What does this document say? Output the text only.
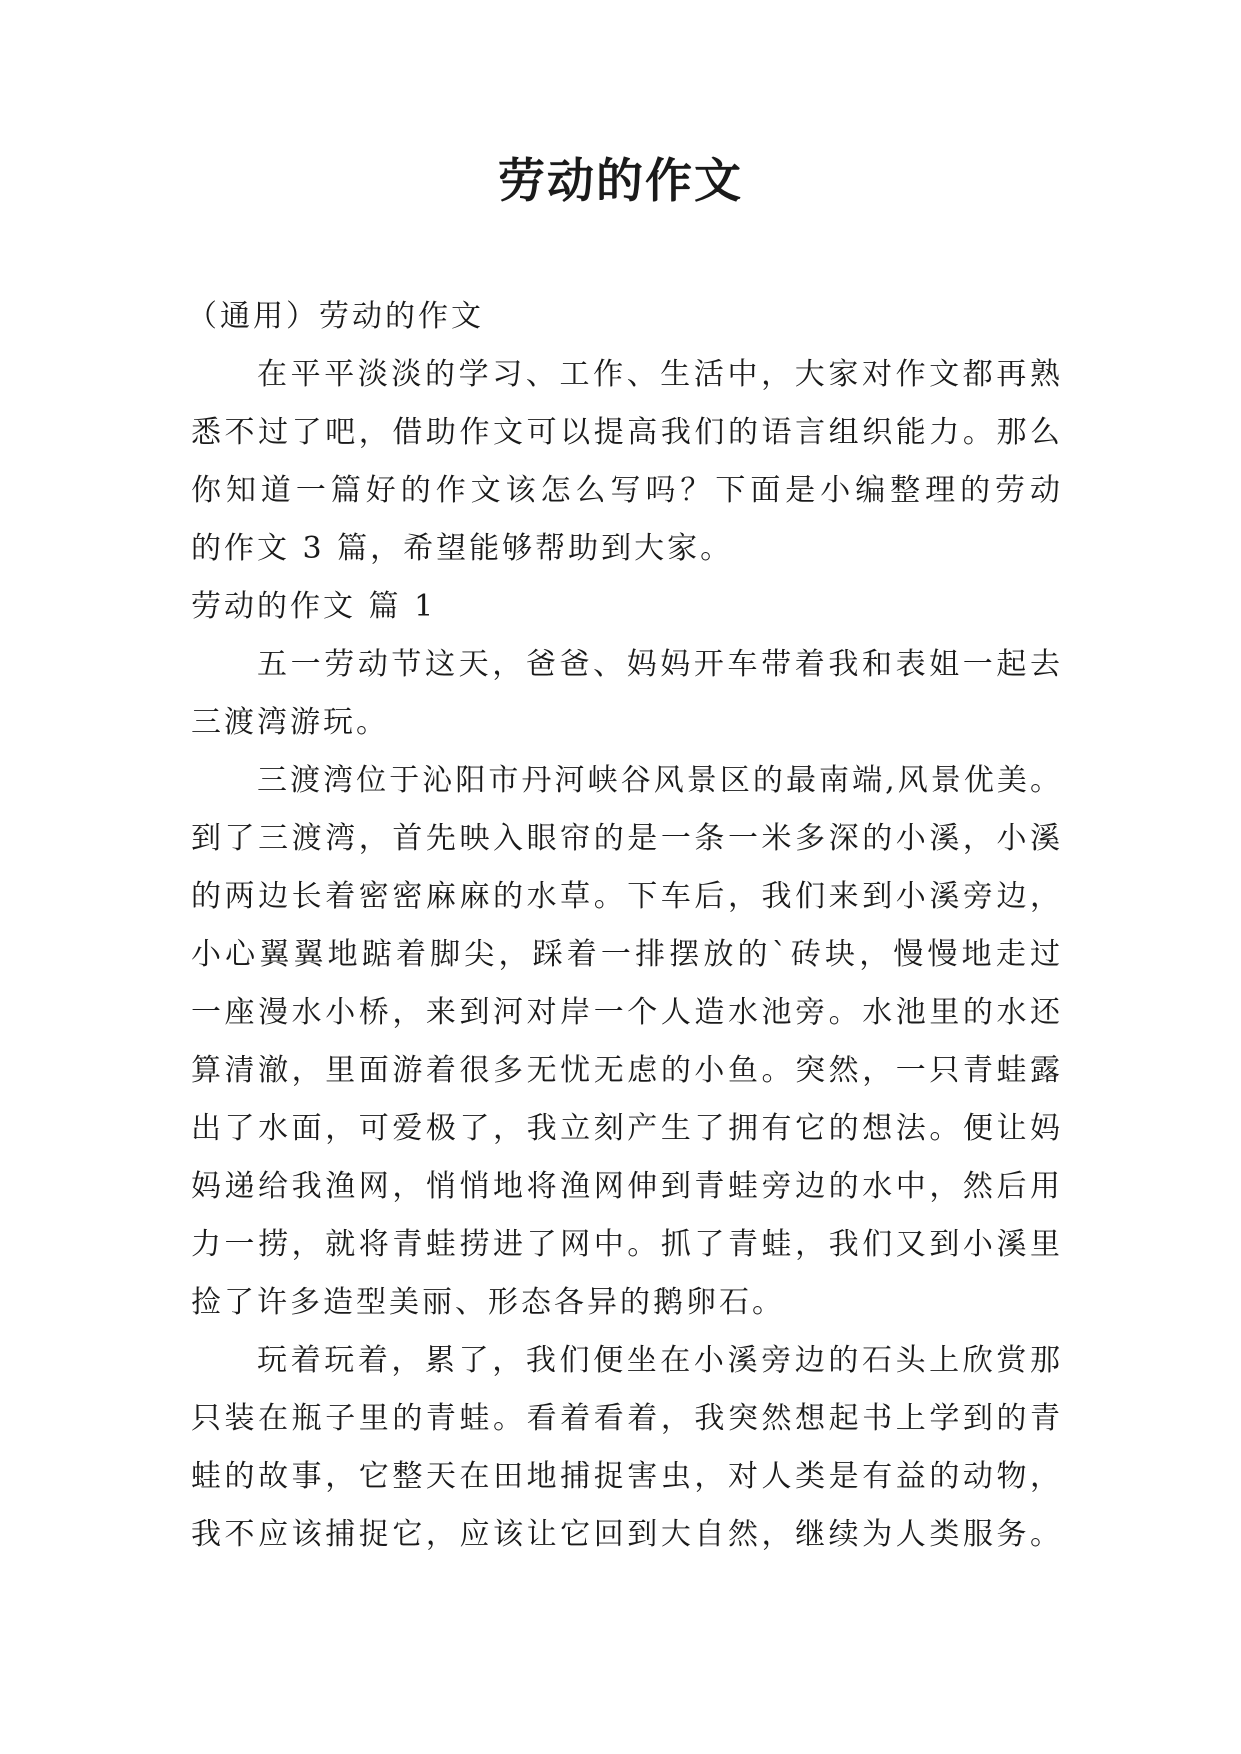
劳动的作文
（通用）劳动的作文
在平平淡淡的学习、工作、生活中，大家对作文都再熟
悉不过了吧，借助作文可以提高我们的语言组织能力。那么
你知道一篇好的作文该怎么写吗？下面是小编整理的劳动
的作文 3 篇，希望能够帮助到大家。
劳动的作文 篇 1
五一劳动节这天，爸爸、妈妈开车带着我和表姐一起去
三渡湾游玩。
三渡湾位于沁阳市丹河峡谷风景区的最南端,风景优美。
到了三渡湾，首先映入眼帘的是一条一米多深的小溪，小溪
的两边长着密密麻麻的水草。下车后，我们来到小溪旁边，
小心翼翼地踮着脚尖，踩着一排摆放的`砖块，慢慢地走过
一座漫水小桥，来到河对岸一个人造水池旁。水池里的水还
算清澈，里面游着很多无忧无虑的小鱼。突然，一只青蛙露
出了水面，可爱极了，我立刻产生了拥有它的想法。便让妈
妈递给我渔网，悄悄地将渔网伸到青蛙旁边的水中，然后用
力一捞，就将青蛙捞进了网中。抓了青蛙，我们又到小溪里
捡了许多造型美丽、形态各异的鹅卵石。
玩着玩着，累了，我们便坐在小溪旁边的石头上欣赏那
只装在瓶子里的青蛙。看着看着，我突然想起书上学到的青
蛙的故事，它整天在田地捕捉害虫，对人类是有益的动物，
我不应该捕捉它，应该让它回到大自然，继续为人类服务。
